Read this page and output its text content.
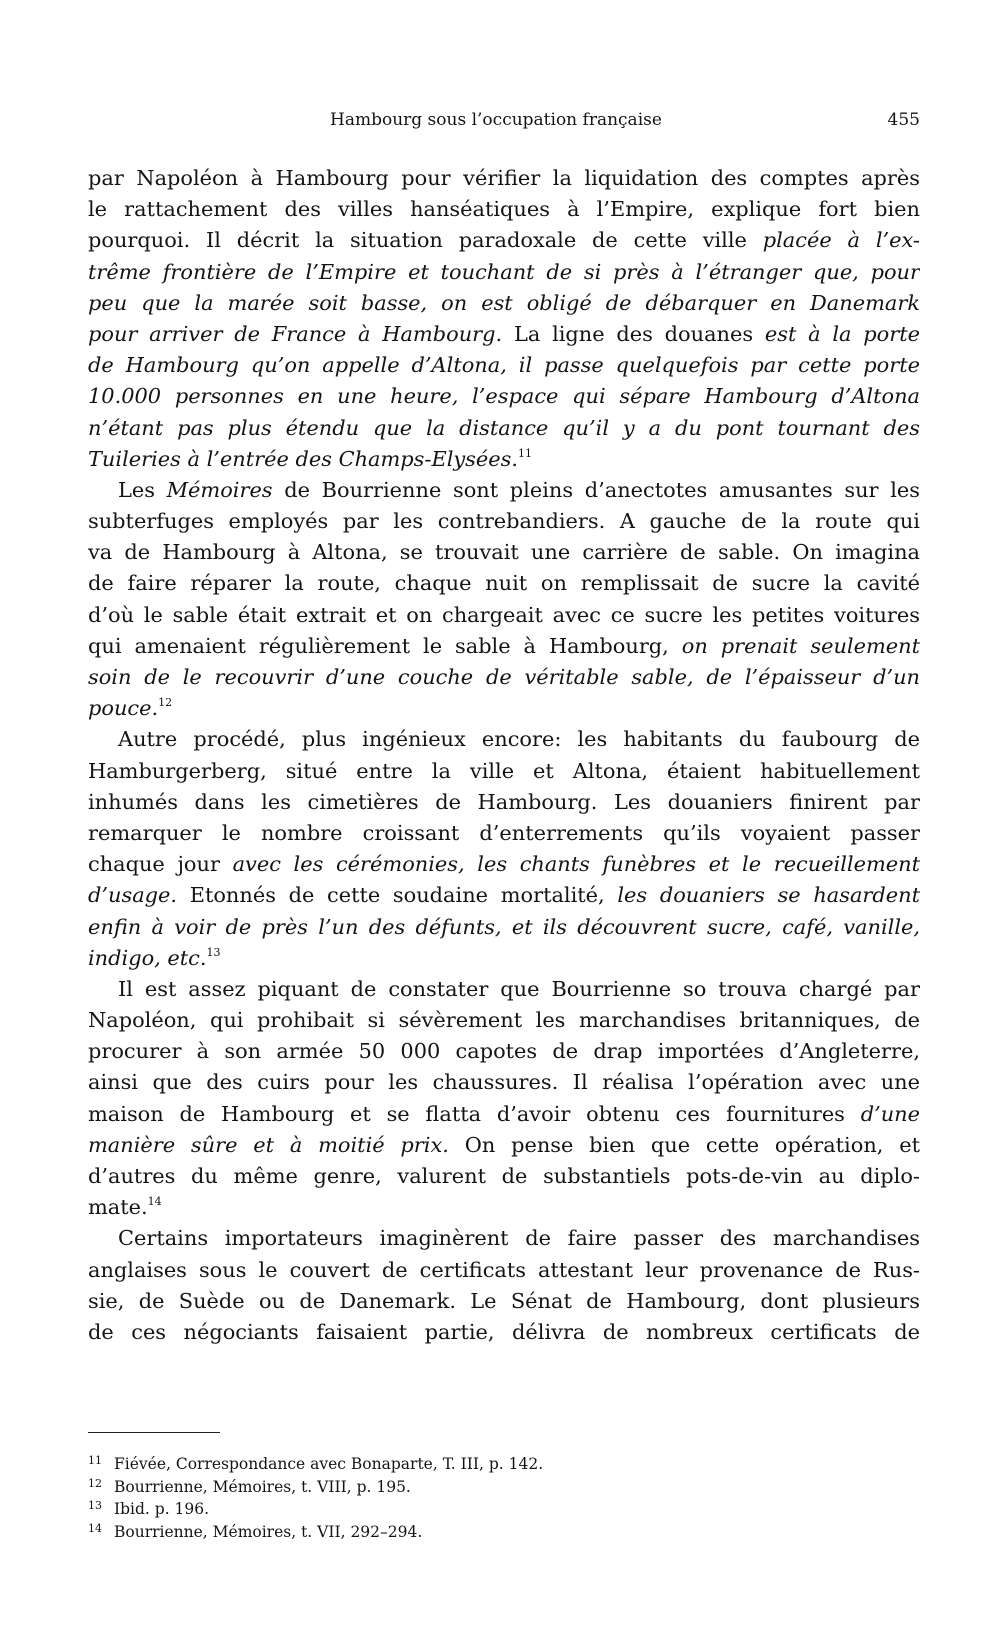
Hambourg sous l’occupation française	455
par Napoléon à Hambourg pour vérifier la liquidation des comptes après
le rattachement des villes hanséatiques à l’Empire, explique fort bien
pourquoi. Il décrit la situation paradoxale de cette ville placée à l’ex-
trême frontière de l’Empire et touchant de si près à l’étranger que, pour
peu que la marée soit basse, on est obligé de débarquer en Danemark
pour arriver de France à Hambourg. La ligne des douanes est à la porte
de Hambourg qu’on appelle d’Altona, il passe quelquefois par cette porte
10.000 personnes en une heure, l’espace qui sépare Hambourg d’Altona
n’étant pas plus étendu que la distance qu’il y a du pont tournant des
Tuileries à l’entrée des Champs-Elysées.$^{11}$
Les Mémoires de Bourrienne sont pleins d’anectotes amusantes sur les
subterfuges employés par les contrebandiers. A gauche de la route qui
va de Hambourg à Altona, se trouvait une carrière de sable. On imagina
de faire réparer la route, chaque nuit on remplissait de sucre la cavité
d’où le sable était extrait et on chargeait avec ce sucre les petites voitures
qui amenaient régulièrement le sable à Hambourg, on prenait seulement
soin de le recouvrir d’une couche de véritable sable, de l’épaisseur d’un
pouce.$^{12}$
Autre procédé, plus ingénieux encore: les habitants du faubourg de
Hamburgerberg, situé entre la ville et Altona, étaient habituellement
inhumés dans les cimetières de Hambourg. Les douaniers finirent par
remarquer le nombre croissant d’enterrements qu’ils voyaient passer
chaque jour avec les cérémonies, les chants funèbres et le recueillement
d’usage. Etonnés de cette soudaine mortalité, les douaniers se hasardent
enfin à voir de près l’un des défunts, et ils découvrent sucre, café, vanille,
indigo, etc.$^{13}$
Il est assez piquant de constater que Bourrienne so trouva chargé par
Napoléon, qui prohibait si sévèrement les marchandises britanniques, de
procurer à son armée 50 000 capotes de drap importées d’Angleterre,
ainsi que des cuirs pour les chaussures. Il réalisa l’opération avec une
maison de Hambourg et se flatta d’avoir obtenu ces fournitures d’une
manière sûre et à moitié prix. On pense bien que cette opération, et
d’autres du même genre, valurent de substantiels pots-de-vin au diplo-
mate.$^{14}$
Certains importateurs imaginèrent de faire passer des marchandises
anglaises sous le couvert de certificats attestant leur provenance de Rus-
sie, de Suède ou de Danemark. Le Sénat de Hambourg, dont plusieurs
de ces négociants faisaient partie, délivra de nombreux certificats de
11 Fiévée, Correspondance avec Bonaparte, T. III, p. 142.
12 Bourrienne, Mémoires, t. VIII, p. 195.
13 Ibid. p. 196.
14 Bourrienne, Mémoires, t. VII, 292–294.
